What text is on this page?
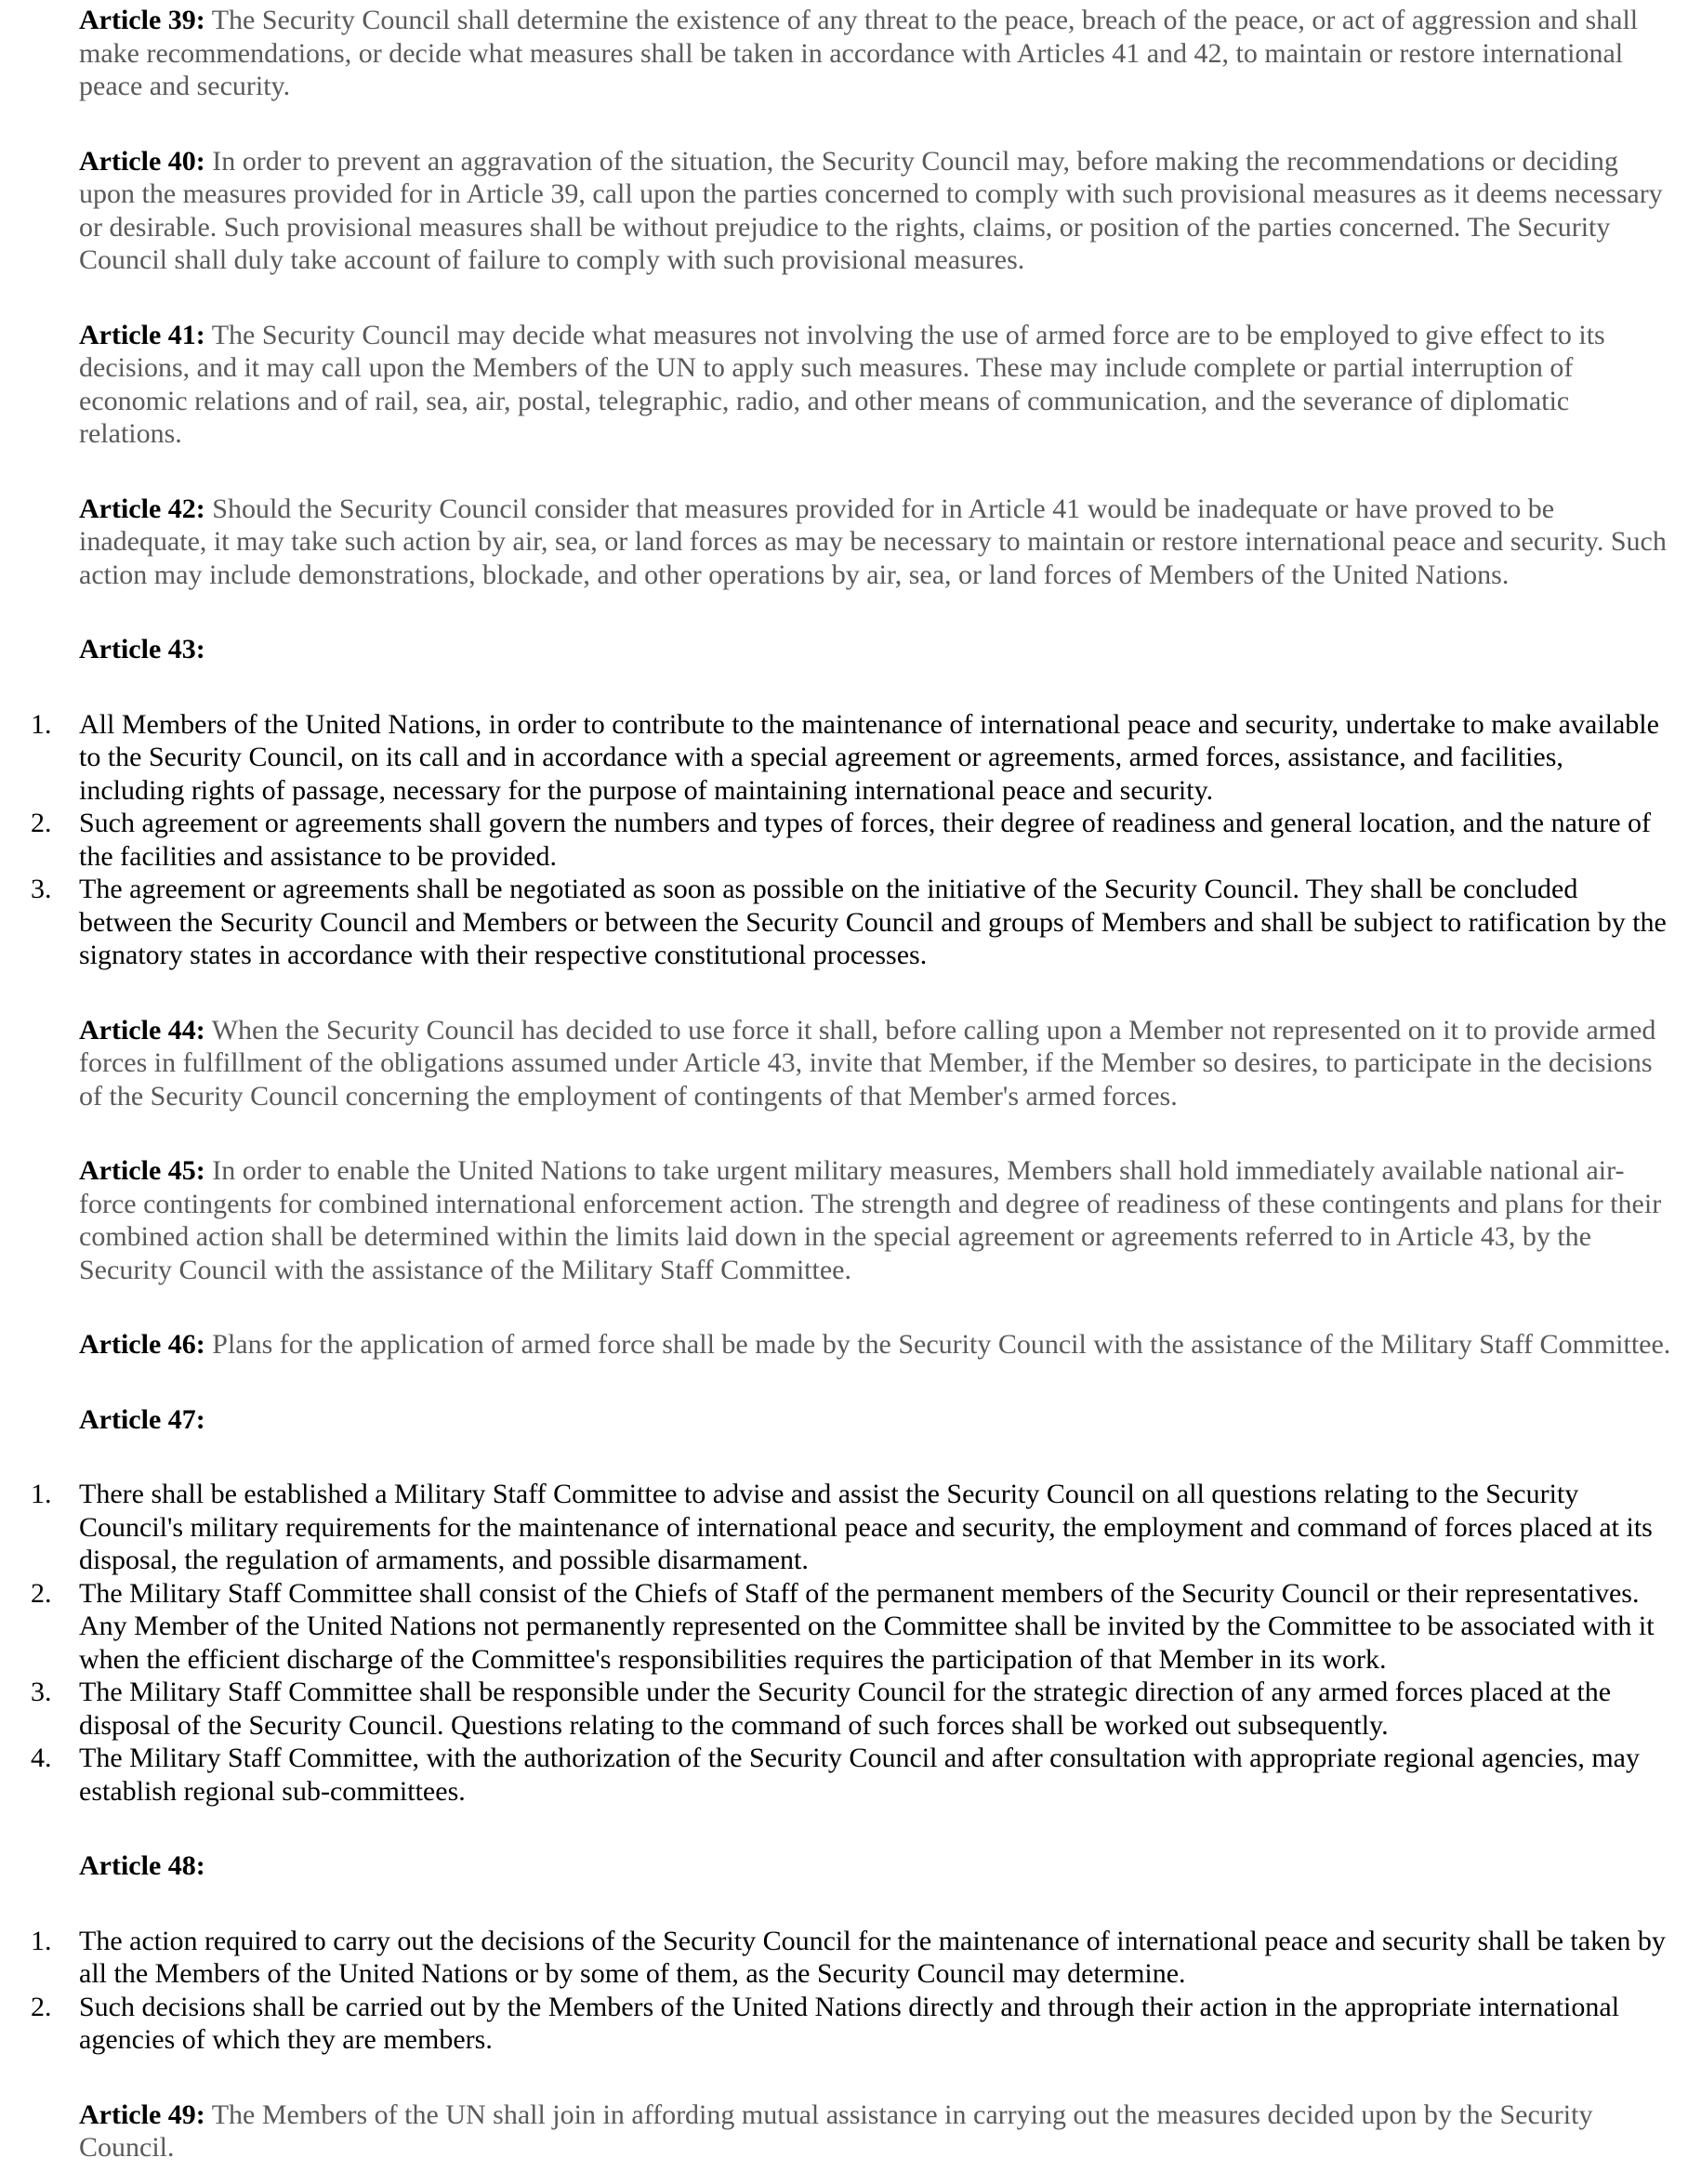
Article 39: The Security Council shall determine the existence of any threat to the peace, breach of the peace, or act of aggression and shall make recommendations, or decide what measures shall be taken in accordance with Articles 41 and 42, to maintain or restore international peace and security.

Article 40: In order to prevent an aggravation of the situation, the Security Council may, before making the recommendations or deciding upon the measures provided for in Article 39, call upon the parties concerned to comply with such provisional measures as it deems necessary or desirable. Such provisional measures shall be without prejudice to the rights, claims, or position of the parties concerned. The Security Council shall duly take account of failure to comply with such provisional measures.

Article 41: The Security Council may decide what measures not involving the use of armed force are to be employed to give effect to its decisions, and it may call upon the Members of the UN to apply such measures. These may include complete or partial interruption of economic relations and of rail, sea, air, postal, telegraphic, radio, and other means of communication, and the severance of diplomatic relations.

Article 42: Should the Security Council consider that measures provided for in Article 41 would be inadequate or have proved to be inadequate, it may take such action by air, sea, or land forces as may be necessary to maintain or restore international peace and security. Such action may include demonstrations, blockade, and other operations by air, sea, or land forces of Members of the United Nations.

Article 43:

1. All Members of the United Nations, in order to contribute to the maintenance of international peace and security, undertake to make available to the Security Council, on its call and in accordance with a special agreement or agreements, armed forces, assistance, and facilities, including rights of passage, necessary for the purpose of maintaining international peace and security.
2. Such agreement or agreements shall govern the numbers and types of forces, their degree of readiness and general location, and the nature of the facilities and assistance to be provided.
3. The agreement or agreements shall be negotiated as soon as possible on the initiative of the Security Council. They shall be concluded between the Security Council and Members or between the Security Council and groups of Members and shall be subject to ratification by the signatory states in accordance with their respective constitutional processes.

Article 44: When the Security Council has decided to use force it shall, before calling upon a Member not represented on it to provide armed forces in fulfillment of the obligations assumed under Article 43, invite that Member, if the Member so desires, to participate in the decisions of the Security Council concerning the employment of contingents of that Member's armed forces.

Article 45: In order to enable the United Nations to take urgent military measures, Members shall hold immediately available national air-force contingents for combined international enforcement action. The strength and degree of readiness of these contingents and plans for their combined action shall be determined within the limits laid down in the special agreement or agreements referred to in Article 43, by the Security Council with the assistance of the Military Staff Committee.

Article 46: Plans for the application of armed force shall be made by the Security Council with the assistance of the Military Staff Committee.

Article 47:

1. There shall be established a Military Staff Committee to advise and assist the Security Council on all questions relating to the Security Council's military requirements for the maintenance of international peace and security, the employment and command of forces placed at its disposal, the regulation of armaments, and possible disarmament.
2. The Military Staff Committee shall consist of the Chiefs of Staff of the permanent members of the Security Council or their representatives. Any Member of the United Nations not permanently represented on the Committee shall be invited by the Committee to be associated with it when the efficient discharge of the Committee's responsibilities requires the participation of that Member in its work.
3. The Military Staff Committee shall be responsible under the Security Council for the strategic direction of any armed forces placed at the disposal of the Security Council. Questions relating to the command of such forces shall be worked out subsequently.
4. The Military Staff Committee, with the authorization of the Security Council and after consultation with appropriate regional agencies, may establish regional sub-committees.

Article 48:

1. The action required to carry out the decisions of the Security Council for the maintenance of international peace and security shall be taken by all the Members of the United Nations or by some of them, as the Security Council may determine.
2. Such decisions shall be carried out by the Members of the United Nations directly and through their action in the appropriate international agencies of which they are members.

Article 49: The Members of the UN shall join in affording mutual assistance in carrying out the measures decided upon by the Security Council.
